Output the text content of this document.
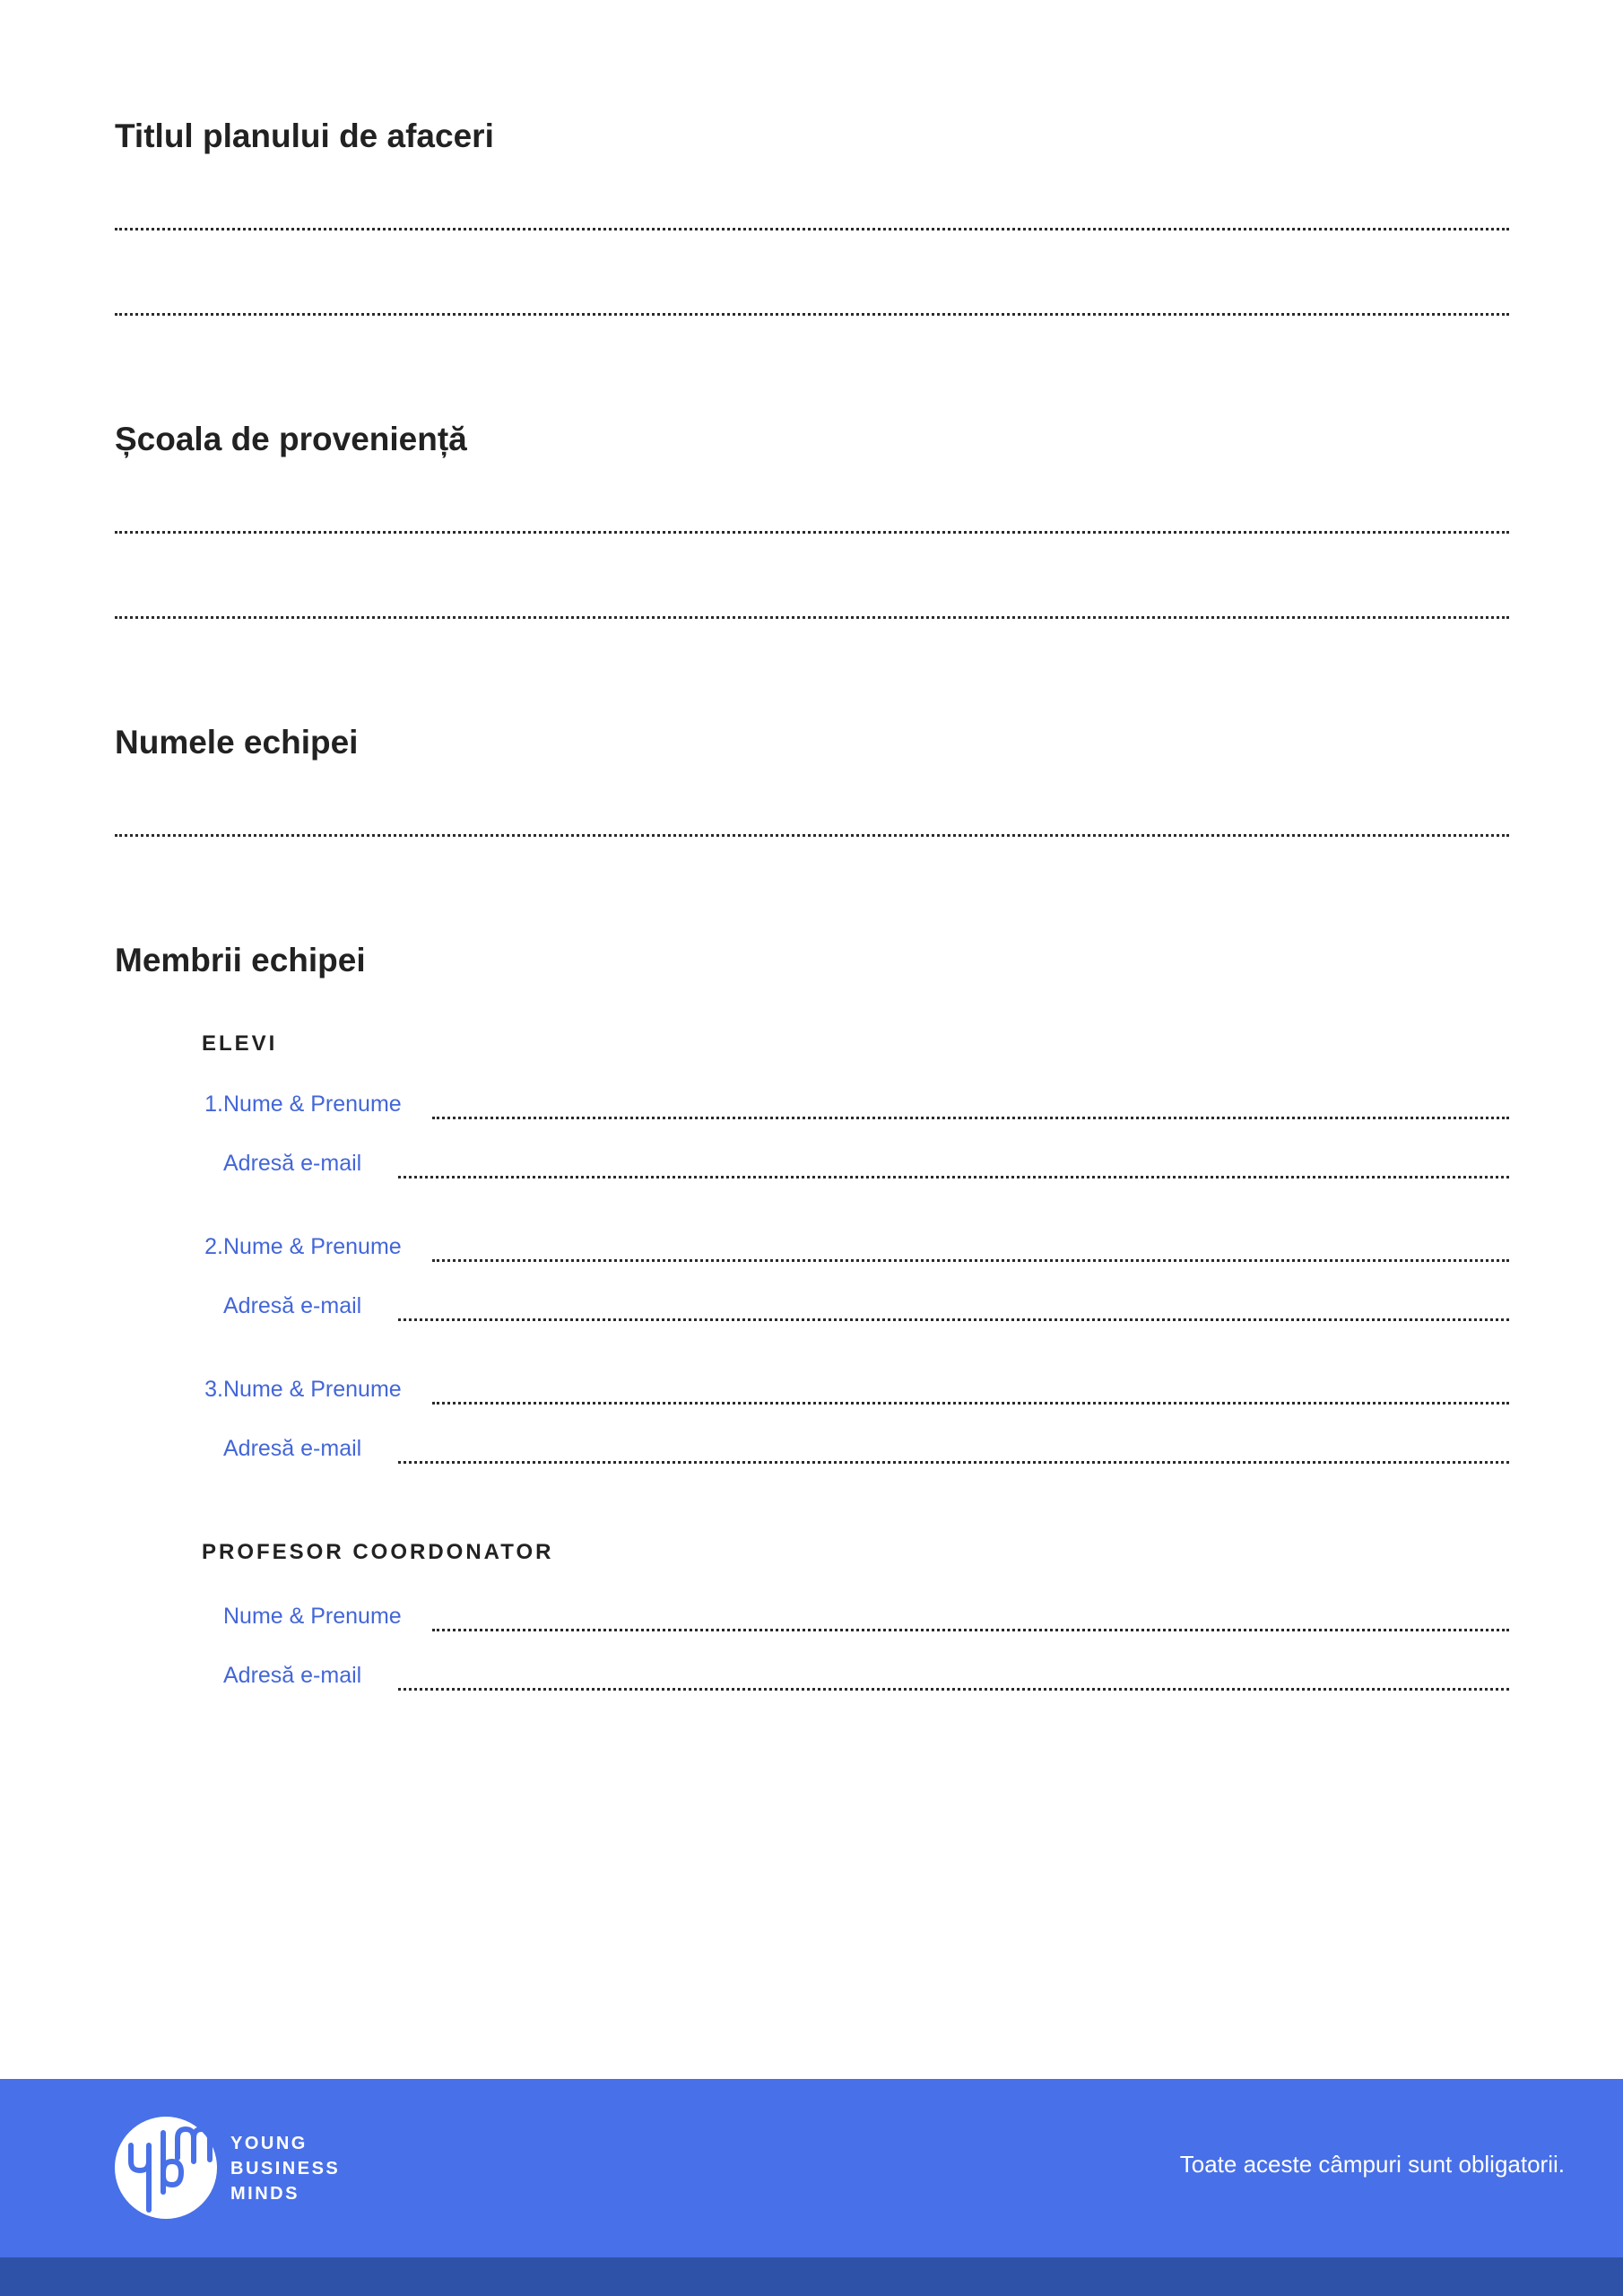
Titlul planului de afaceri
Școala de proveniență
Numele echipei
Membrii echipei
ELEVI
1. Nume & Prenume
Adresă e-mail
2. Nume & Prenume
Adresă e-mail
3. Nume & Prenume
Adresă e-mail
PROFESOR COORDONATOR
Nume & Prenume
Adresă e-mail
YOUNG
BUSINESS
MINDS
Toate aceste câmpuri sunt obligatorii.
